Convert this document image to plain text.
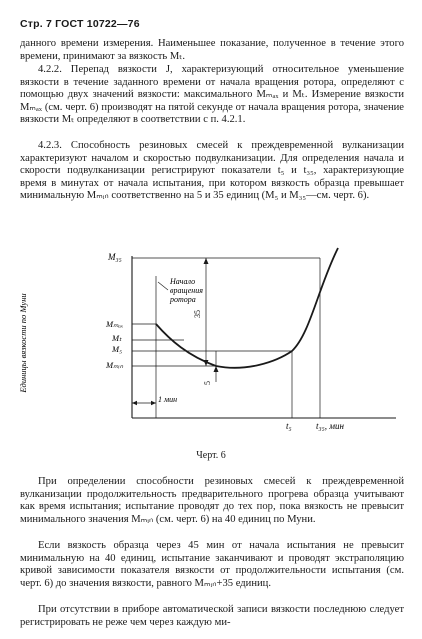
Стр. 7 ГОСТ 10722—76

данного времени измерения. Наименьшее показание, полученное в течение этого времени, принимают за вязкость Mₜ.

4.2.2. Перепад вязкости J, характеризующий относительное уменьшение вязкости в течение заданного времени от начала вращения ротора, определяют с помощью двух значений вязкости: максимального Mₘₐₓ и Mₜ. Измерение вязкости Mₘₐₓ (см. черт. 6) производят на пятой секунде от начала вращения ротора, значение вязкости Mₜ определяют в соответствии с п. 4.2.1.

4.2.3. Способность резиновых смесей к преждевременной вулканизации характеризуют началом и скоростью подвулканизации. Для определения начала и скорости подвулканизации регистрируют показатели t₅ и t₃₅, характеризующие время в минутах от начала испытания, при котором вязкость образца превышает минимальную Mₘᵢₙ соответственно на 5 и 35 единиц (M₅ и M₃₅—см. черт. 6).

Единицы вязкости по Муни	35
5
Начало
вращения
ротора
M₃₅
Mₘₐₓ
Mₜ
M₅
Mₘᵢₙ
1 мин
t₅	t₃₅, мин
Черт. 6

При определении способности резиновых смесей к преждевременной вулканизации продолжительность предварительного прогрева образца учитывают как время испытания; испытание проводят до тех пор, пока вязкость не превысит минимального значения Mₘᵢₙ (см. черт. 6) на 40 единиц по Муни.

Если вязкость образца через 45 мин от начала испытания не превысит минимальную на 40 единиц, испытание заканчивают и проводят экстраполяцию кривой зависимости показателя вязкости от продолжительности испытания (см. черт. 6) до значения вязкости, равного Mₘᵢₙ+35 единиц.

При отсутствии в приборе автоматической записи вязкости последнюю следует регистрировать не реже чем через каждую ми-
